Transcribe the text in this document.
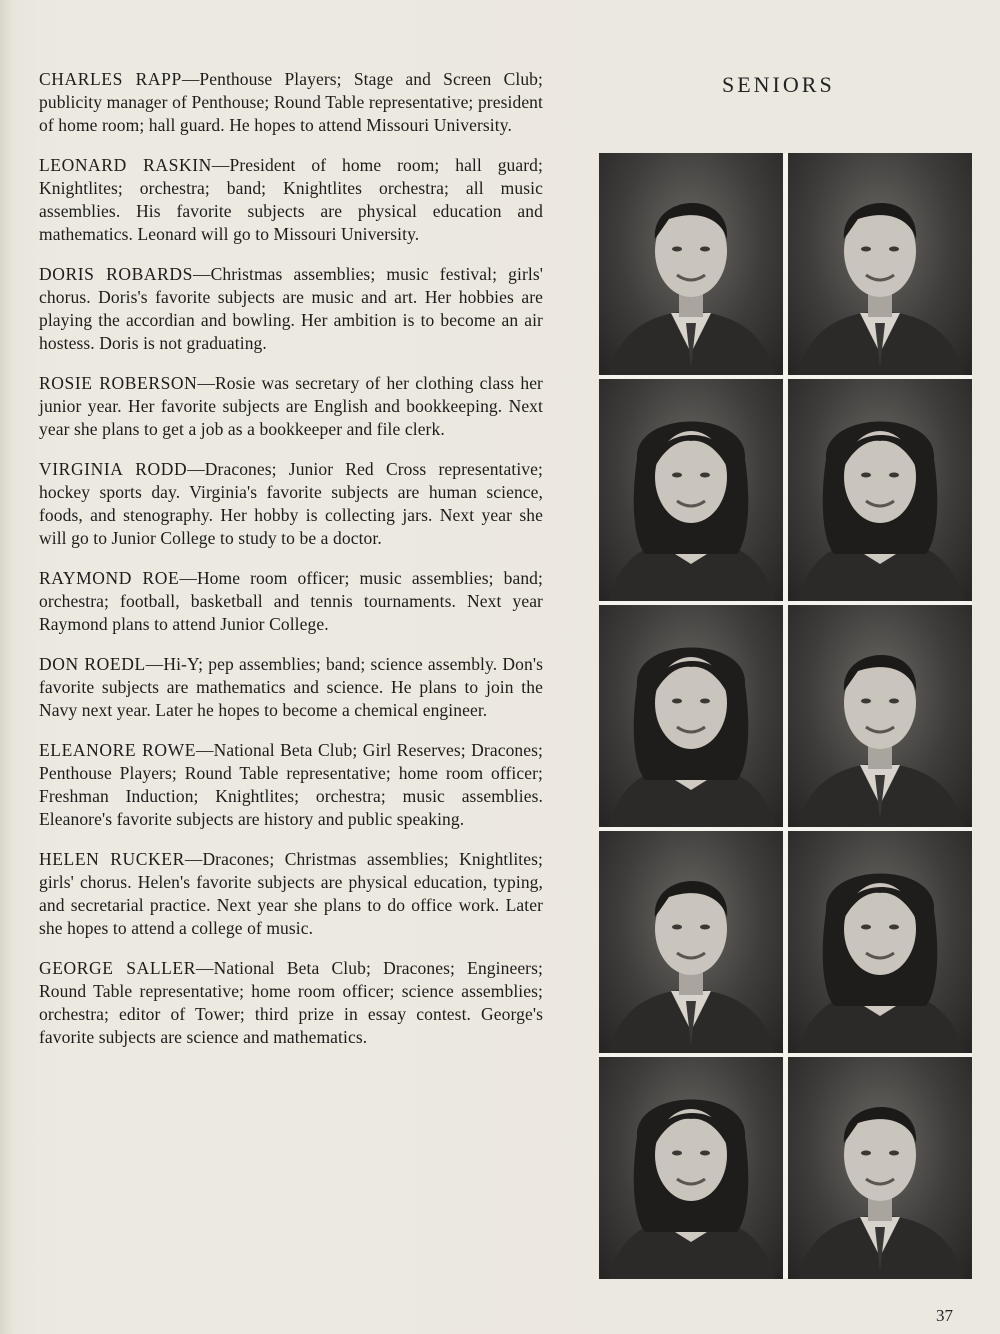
SENIORS

CHARLES RAPP—Penthouse Players; Stage and Screen Club; publicity manager of Penthouse; Round Table representative; president of home room; hall guard. He hopes to attend Missouri University.

LEONARD RASKIN—President of home room; hall guard; Knightlites; orchestra; band; Knightlites orchestra; all music assemblies. His favorite subjects are physical education and mathematics. Leonard will go to Missouri University.

DORIS ROBARDS—Christmas assemblies; music festival; girls' chorus. Doris's favorite subjects are music and art. Her hobbies are playing the accordian and bowling. Her ambition is to become an air hostess. Doris is not graduating.

ROSIE ROBERSON—Rosie was secretary of her clothing class her junior year. Her favorite subjects are English and bookkeeping. Next year she plans to get a job as a bookkeeper and file clerk.

VIRGINIA RODD—Dracones; Junior Red Cross representative; hockey sports day. Virginia's favorite subjects are human science, foods, and stenography. Her hobby is collecting jars. Next year she will go to Junior College to study to be a doctor.

RAYMOND ROE—Home room officer; music assemblies; band; orchestra; football, basketball and tennis tournaments. Next year Raymond plans to attend Junior College.

DON ROEDL—Hi-Y; pep assemblies; band; science assembly. Don's favorite subjects are mathematics and science. He plans to join the Navy next year. Later he hopes to become a chemical engineer.

ELEANORE ROWE—National Beta Club; Girl Reserves; Dracones; Penthouse Players; Round Table representative; home room officer; Freshman Induction; Knightlites; orchestra; music assemblies. Eleanore's favorite subjects are history and public speaking.

HELEN RUCKER—Dracones; Christmas assemblies; Knightlites; girls' chorus. Helen's favorite subjects are physical education, typing, and secretarial practice. Next year she plans to do office work. Later she hopes to attend a college of music.

GEORGE SALLER—National Beta Club; Dracones; Engineers; Round Table representative; home room officer; science assemblies; orchestra; editor of Tower; third prize in essay contest. George's favorite subjects are science and mathematics.

37
